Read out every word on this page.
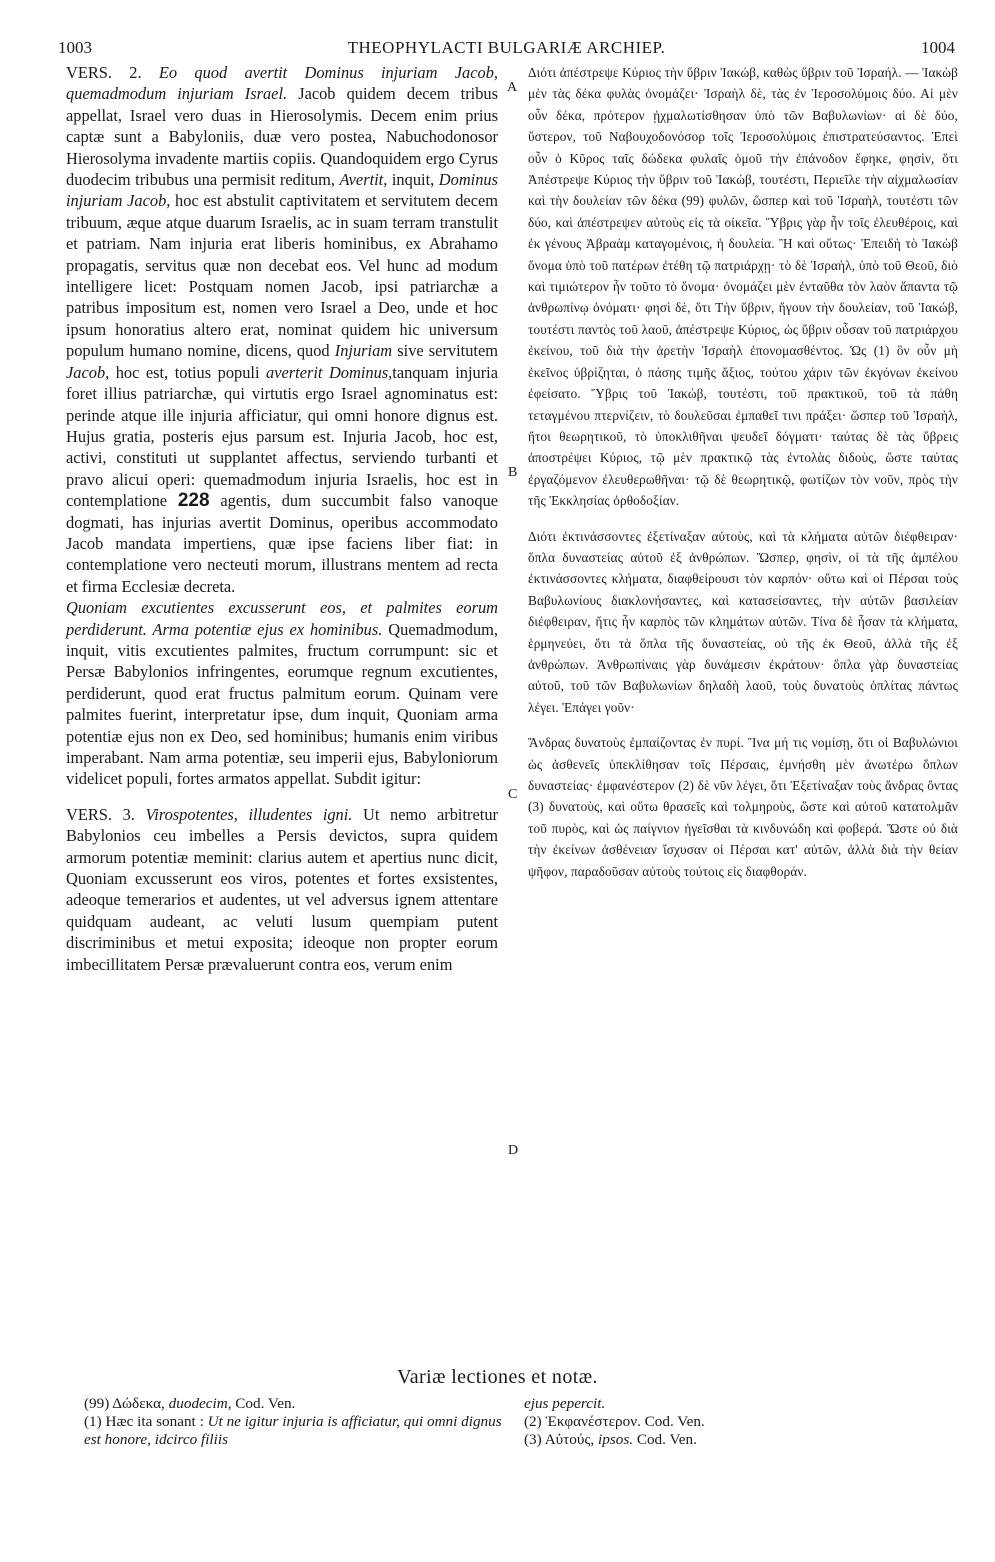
1003	THEOPHYLACTI BULGARIÆ ARCHIEP.	1004

VERS. 2. Eo quod avertit Dominus injuriam Jacob, quemadmodum injuriam Israel. Jacob quidem decem tribus appellat, Israel vero duas in Hierosolymis. Decem enim prius captæ sunt a Babyloniis, duæ vero postea, Nabuchodonosor Hierosolyma invadente martiis copiis. Quandoquidem ergo Cyrus duodecim tribubus una permisit reditum, Avertit, inquit, Dominus injuriam Jacob, hoc est abstulit captivitatem et servitutem decem tribuum, æque atque duarum Israelis, ac in suam terram transtulit et patriam. Nam injuria erat liberis hominibus, ex Abrahamo propagatis, servitus quæ non decebat eos. Vel hunc ad modum intelligere licet: Postquam nomen Jacob, ipsi patriarchæ a patribus impositum est, nomen vero Israel a Deo, unde et hoc ipsum honoratius altero erat, nominat quidem hic universum populum humano nomine, dicens, quod Injuriam sive servitutem Jacob, hoc est, totius populi averterit Dominus,tanquam injuria foret illius patriarchæ, qui virtutis ergo Israel agnominatus est: perinde atque ille injuria afficiatur, qui omni honore dignus est. Hujus gratia, posteris ejus parsum est. Injuria Jacob, hoc est, activi, constituti ut supplantet affectus, serviendo turbanti et pravo alicui operi: quemadmodum injuria Israelis, hoc est in contemplatione 228 agentis, dum succumbit falso vanoque dogmati, has injurias avertit Dominus, operibus accommodato Jacob mandata impertiens, quæ ipse faciens liber fiat: in contemplatione vero necteuti morum, illustrans mentem ad recta et firma Ecclesiæ decreta.

Quoniam excutientes excusserunt eos, et palmites eorum perdiderunt. Arma potentiæ ejus ex hominibus. Quemadmodum, inquit, vitis excutientes palmites, fructum corrumpunt: sic et Persæ Babylonios infringentes, eorumque regnum excutientes, perdiderunt, quod erat fructus palmitum eorum. Quinam vere palmites fuerint, interpretatur ipse, dum inquit, Quoniam arma potentiæ ejus non ex Deo, sed hominibus; humanis enim viribus imperabant. Nam arma potentiæ, seu imperii ejus, Babyloniorum videlicet populi, fortes armatos appellat. Subdit igitur:

VERS. 3. Virospotentes, illudentes igni. Ut nemo arbitretur Babylonios ceu imbelles a Persis devictos, supra quidem armorum potentiæ meminit: clarius autem et apertius nunc dicit, Quoniam excusserunt eos viros, potentes et fortes exsistentes, adeoque temerarios et audentes, ut vel adversus ignem attentare quidquam audeant, ac veluti lusum quempiam putent discriminibus et metui exposita; ideoque non propter eorum imbecillitatem Persæ prævaluerunt contra eos, verum enim

A
B
C
D

Διότι ἀπέστρεψε Κύριος τὴν ὕβριν Ἰακώβ, καθὼς ὕβριν τοῦ Ἰσραήλ. — Ἰακὼβ μὲν τὰς δέκα φυλὰς ὀνομάζει· Ἰσραὴλ δὲ, τὰς ἐν Ἱεροσολύμοις δύο. Αἱ μὲν οὖν δέκα, πρότερον ᾐχμαλωτίσθησαν ὑπὸ τῶν Βαβυλωνίων· αἱ δὲ δύο, ὕστερον, τοῦ Ναβουχοδονόσορ τοῖς Ἱεροσολύμοις ἐπιστρατεύσαντος. Ἐπεὶ οὖν ὁ Κῦρος ταῖς δώδεκα φυλαῖς ὁμοῦ τὴν ἐπάνοδον ἔφηκε, φησὶν, ὅτι Ἀπέστρεψε Κύριος τὴν ὕβριν τοῦ Ἰακώβ, τουτέστι, Περιεῖλε τὴν αἰχμαλωσίαν καὶ τὴν δουλείαν τῶν δέκα (99) φυλῶν, ὥσπερ καὶ τοῦ Ἰσραὴλ, τουτέστι τῶν δύο, καὶ ἀπέστρεψεν αὐτοὺς εἰς τὰ οἰκεῖα. Ὕβρις γὰρ ἦν τοῖς ἐλευθέροις, καὶ ἐκ γένους Ἀβραὰμ καταγομένοις, ἡ δουλεία. Ἢ καὶ οὕτως· Ἐπειδὴ τὸ Ἰακὼβ ὄνομα ὑπὸ τοῦ πατέρων ἐτέθη τῷ πατριάρχῃ· τὸ δὲ Ἰσραὴλ, ὑπὸ τοῦ Θεοῦ, διὸ καὶ τιμιώτερον ἦν τοῦτο τὸ ὄνομα· ὀνομάζει μὲν ἐνταῦθα τὸν λαὸν ἅπαντα τῷ ἀνθρωπίνῳ ὀνόματι· φησὶ δὲ, ὅτι Τὴν ὕβριν, ἤγουν τὴν δουλείαν, τοῦ Ἰακώβ, τουτέστι παντὸς τοῦ λαοῦ, ἀπέστρεψε Κύριος, ὡς ὕβριν οὖσαν τοῦ πατριάρχου ἐκείνου, τοῦ διὰ τὴν ἀρετὴν Ἰσραὴλ ἐπονομασθέντος. Ὡς (1) ὃν οὖν μὴ ἐκεῖνος ὑβρίζηται, ὁ πάσης τιμῆς ἄξιος, τούτου χάριν τῶν ἐκγόνων ἐκείνου ἐφείσατο. Ὕβρις τοῦ Ἰακώβ, τουτέστι, τοῦ πρακτικοῦ, τοῦ τὰ πάθη τεταγμένου πτερνίζειν, τὸ δουλεῦσαι ἐμπαθεῖ τινι πράξει· ὥσπερ τοῦ Ἰσραὴλ, ἤτοι θεωρητικοῦ, τὸ ὑποκλιθῆναι ψευδεῖ δόγματι· ταύτας δὲ τὰς ὕβρεις ἀποστρέψει Κύριος, τῷ μὲν πρακτικῷ τὰς ἐντολὰς διδοὺς, ὥστε ταύτας ἐργαζόμενον ἐλευθερωθῆναι· τῷ δὲ θεωρητικῷ, φωτίζων τὸν νοῦν, πρὸς τὴν τῆς Ἐκκλησίας ὀρθοδοξίαν.

Διότι ἐκτινάσσοντες ἐξετίναξαν αὐτοὺς, καὶ τὰ κλήματα αὐτῶν διέφθειραν· ὅπλα δυναστείας αὐτοῦ ἐξ ἀνθρώπων. Ὥσπερ, φησὶν, οἱ τὰ τῆς ἀμπέλου ἐκτινάσσοντες κλήματα, διαφθείρουσι τὸν καρπόν· οὕτω καὶ οἱ Πέρσαι τοὺς Βαβυλωνίους διακλονήσαντες, καὶ κατασείσαντες, τὴν αὐτῶν βασιλείαν διέφθειραν, ἥτις ἦν καρπὸς τῶν κλημάτων αὐτῶν. Τίνα δὲ ἦσαν τὰ κλήματα, ἑρμηνεύει, ὅτι τὰ ὅπλα τῆς δυναστείας, οὐ τῆς ἐκ Θεοῦ, ἀλλὰ τῆς ἐξ ἀνθρώπων. Ἀνθρωπίναις γὰρ δυνάμεσιν ἐκράτουν· ὅπλα γὰρ δυναστείας αὐτοῦ, τοῦ τῶν Βαβυλωνίων δηλαδὴ λαοῦ, τοὺς δυνατοὺς ὁπλίτας πάντως λέγει. Ἐπάγει γοῦν·

Ἄνδρας δυνατοὺς ἐμπαίζοντας ἐν πυρί. Ἵνα μή τις νομίσῃ, ὅτι οἱ Βαβυλώνιοι ὡς ἀσθενεῖς ὑπεκλίθησαν τοῖς Πέρσαις, ἐμνήσθη μὲν ἀνωτέρω ὅπλων δυναστείας· ἐμφανέστερον (2) δὲ νῦν λέγει, ὅτι Ἐξετίναξαν τοὺς ἄνδρας ὄντας (3) δυνατοὺς, καὶ οὕτω θρασεῖς καὶ τολμηροὺς, ὥστε καὶ αὐτοῦ κατατολμᾶν τοῦ πυρὸς, καὶ ὡς παίγνιον ἡγεῖσθαι τὰ κινδυνώδη καὶ φοβερά. Ὥστε οὐ διὰ τὴν ἐκείνων ἀσθένειαν ἴσχυσαν οἱ Πέρσαι κατ' αὐτῶν, ἀλλὰ διὰ τὴν θείαν ψῆφον, παραδοῦσαν αὐτοὺς τούτοις εἰς διαφθοράν.

Variæ lectiones et notæ.

(99) Δώδεκα, duodecim, Cod. Ven.

(1) Hæc ita sonant : Ut ne igitur injuria is afficiatur, qui omni dignus est honore, idcirco filiis

ejus pepercit.

(2) Ἐκφανέστερον. Cod. Ven.

(3) Αὐτούς, ipsos. Cod. Ven.
